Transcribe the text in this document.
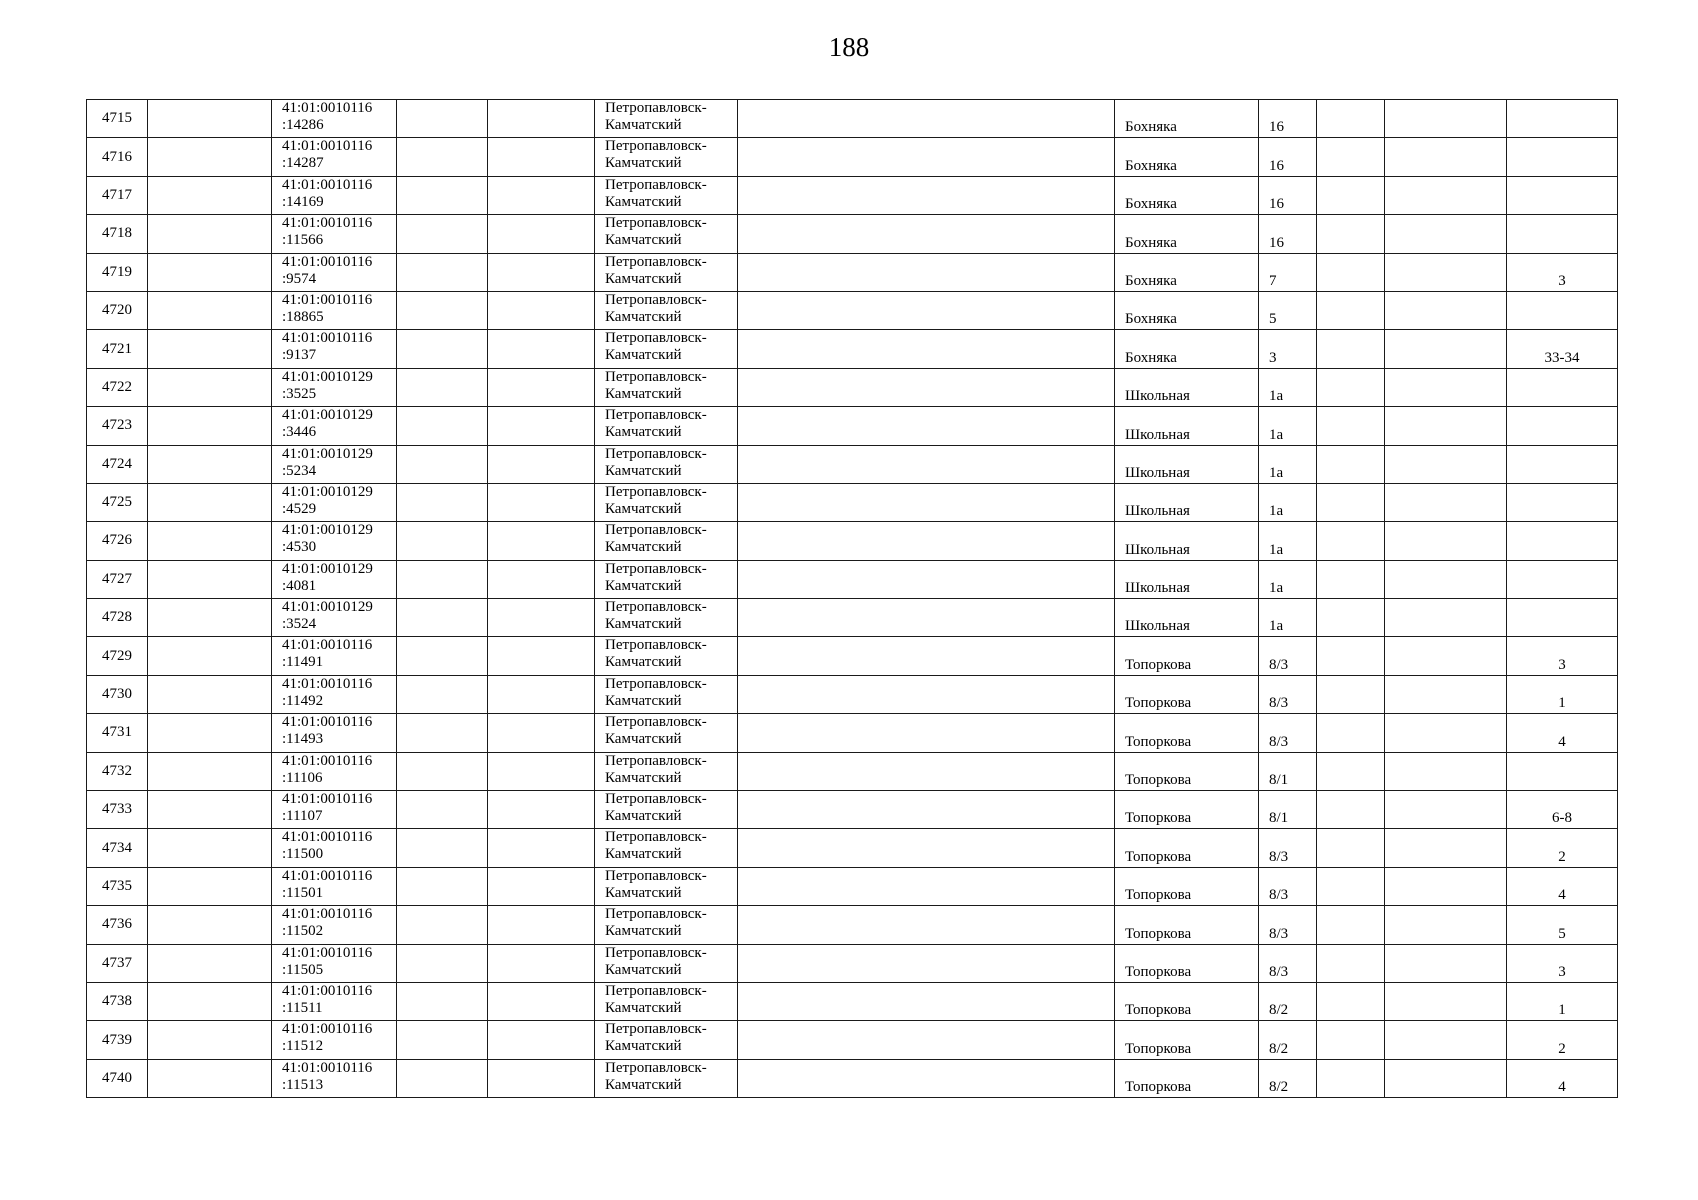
188
4715		41:01:0010116
:14286			Петропавловск-
Камчатский		Бохняка	16			
4716		41:01:0010116
:14287			Петропавловск-
Камчатский		Бохняка	16			
4717		41:01:0010116
:14169			Петропавловск-
Камчатский		Бохняка	16			
4718		41:01:0010116
:11566			Петропавловск-
Камчатский		Бохняка	16			
4719		41:01:0010116
:9574			Петропавловск-
Камчатский		Бохняка	7			3
4720		41:01:0010116
:18865			Петропавловск-
Камчатский		Бохняка	5			
4721		41:01:0010116
:9137			Петропавловск-
Камчатский		Бохняка	3			33-34
4722		41:01:0010129
:3525			Петропавловск-
Камчатский		Школьная	1а			
4723		41:01:0010129
:3446			Петропавловск-
Камчатский		Школьная	1а			
4724		41:01:0010129
:5234			Петропавловск-
Камчатский		Школьная	1а			
4725		41:01:0010129
:4529			Петропавловск-
Камчатский		Школьная	1а			
4726		41:01:0010129
:4530			Петропавловск-
Камчатский		Школьная	1а			
4727		41:01:0010129
:4081			Петропавловск-
Камчатский		Школьная	1а			
4728		41:01:0010129
:3524			Петропавловск-
Камчатский		Школьная	1а			
4729		41:01:0010116
:11491			Петропавловск-
Камчатский		Топоркова	8/3			3
4730		41:01:0010116
:11492			Петропавловск-
Камчатский		Топоркова	8/3			1
4731		41:01:0010116
:11493			Петропавловск-
Камчатский		Топоркова	8/3			4
4732		41:01:0010116
:11106			Петропавловск-
Камчатский		Топоркова	8/1			
4733		41:01:0010116
:11107			Петропавловск-
Камчатский		Топоркова	8/1			6-8
4734		41:01:0010116
:11500			Петропавловск-
Камчатский		Топоркова	8/3			2
4735		41:01:0010116
:11501			Петропавловск-
Камчатский		Топоркова	8/3			4
4736		41:01:0010116
:11502			Петропавловск-
Камчатский		Топоркова	8/3			5
4737		41:01:0010116
:11505			Петропавловск-
Камчатский		Топоркова	8/3			3
4738		41:01:0010116
:11511			Петропавловск-
Камчатский		Топоркова	8/2			1
4739		41:01:0010116
:11512			Петропавловск-
Камчатский		Топоркова	8/2			2
4740		41:01:0010116
:11513			Петропавловск-
Камчатский		Топоркова	8/2			4
